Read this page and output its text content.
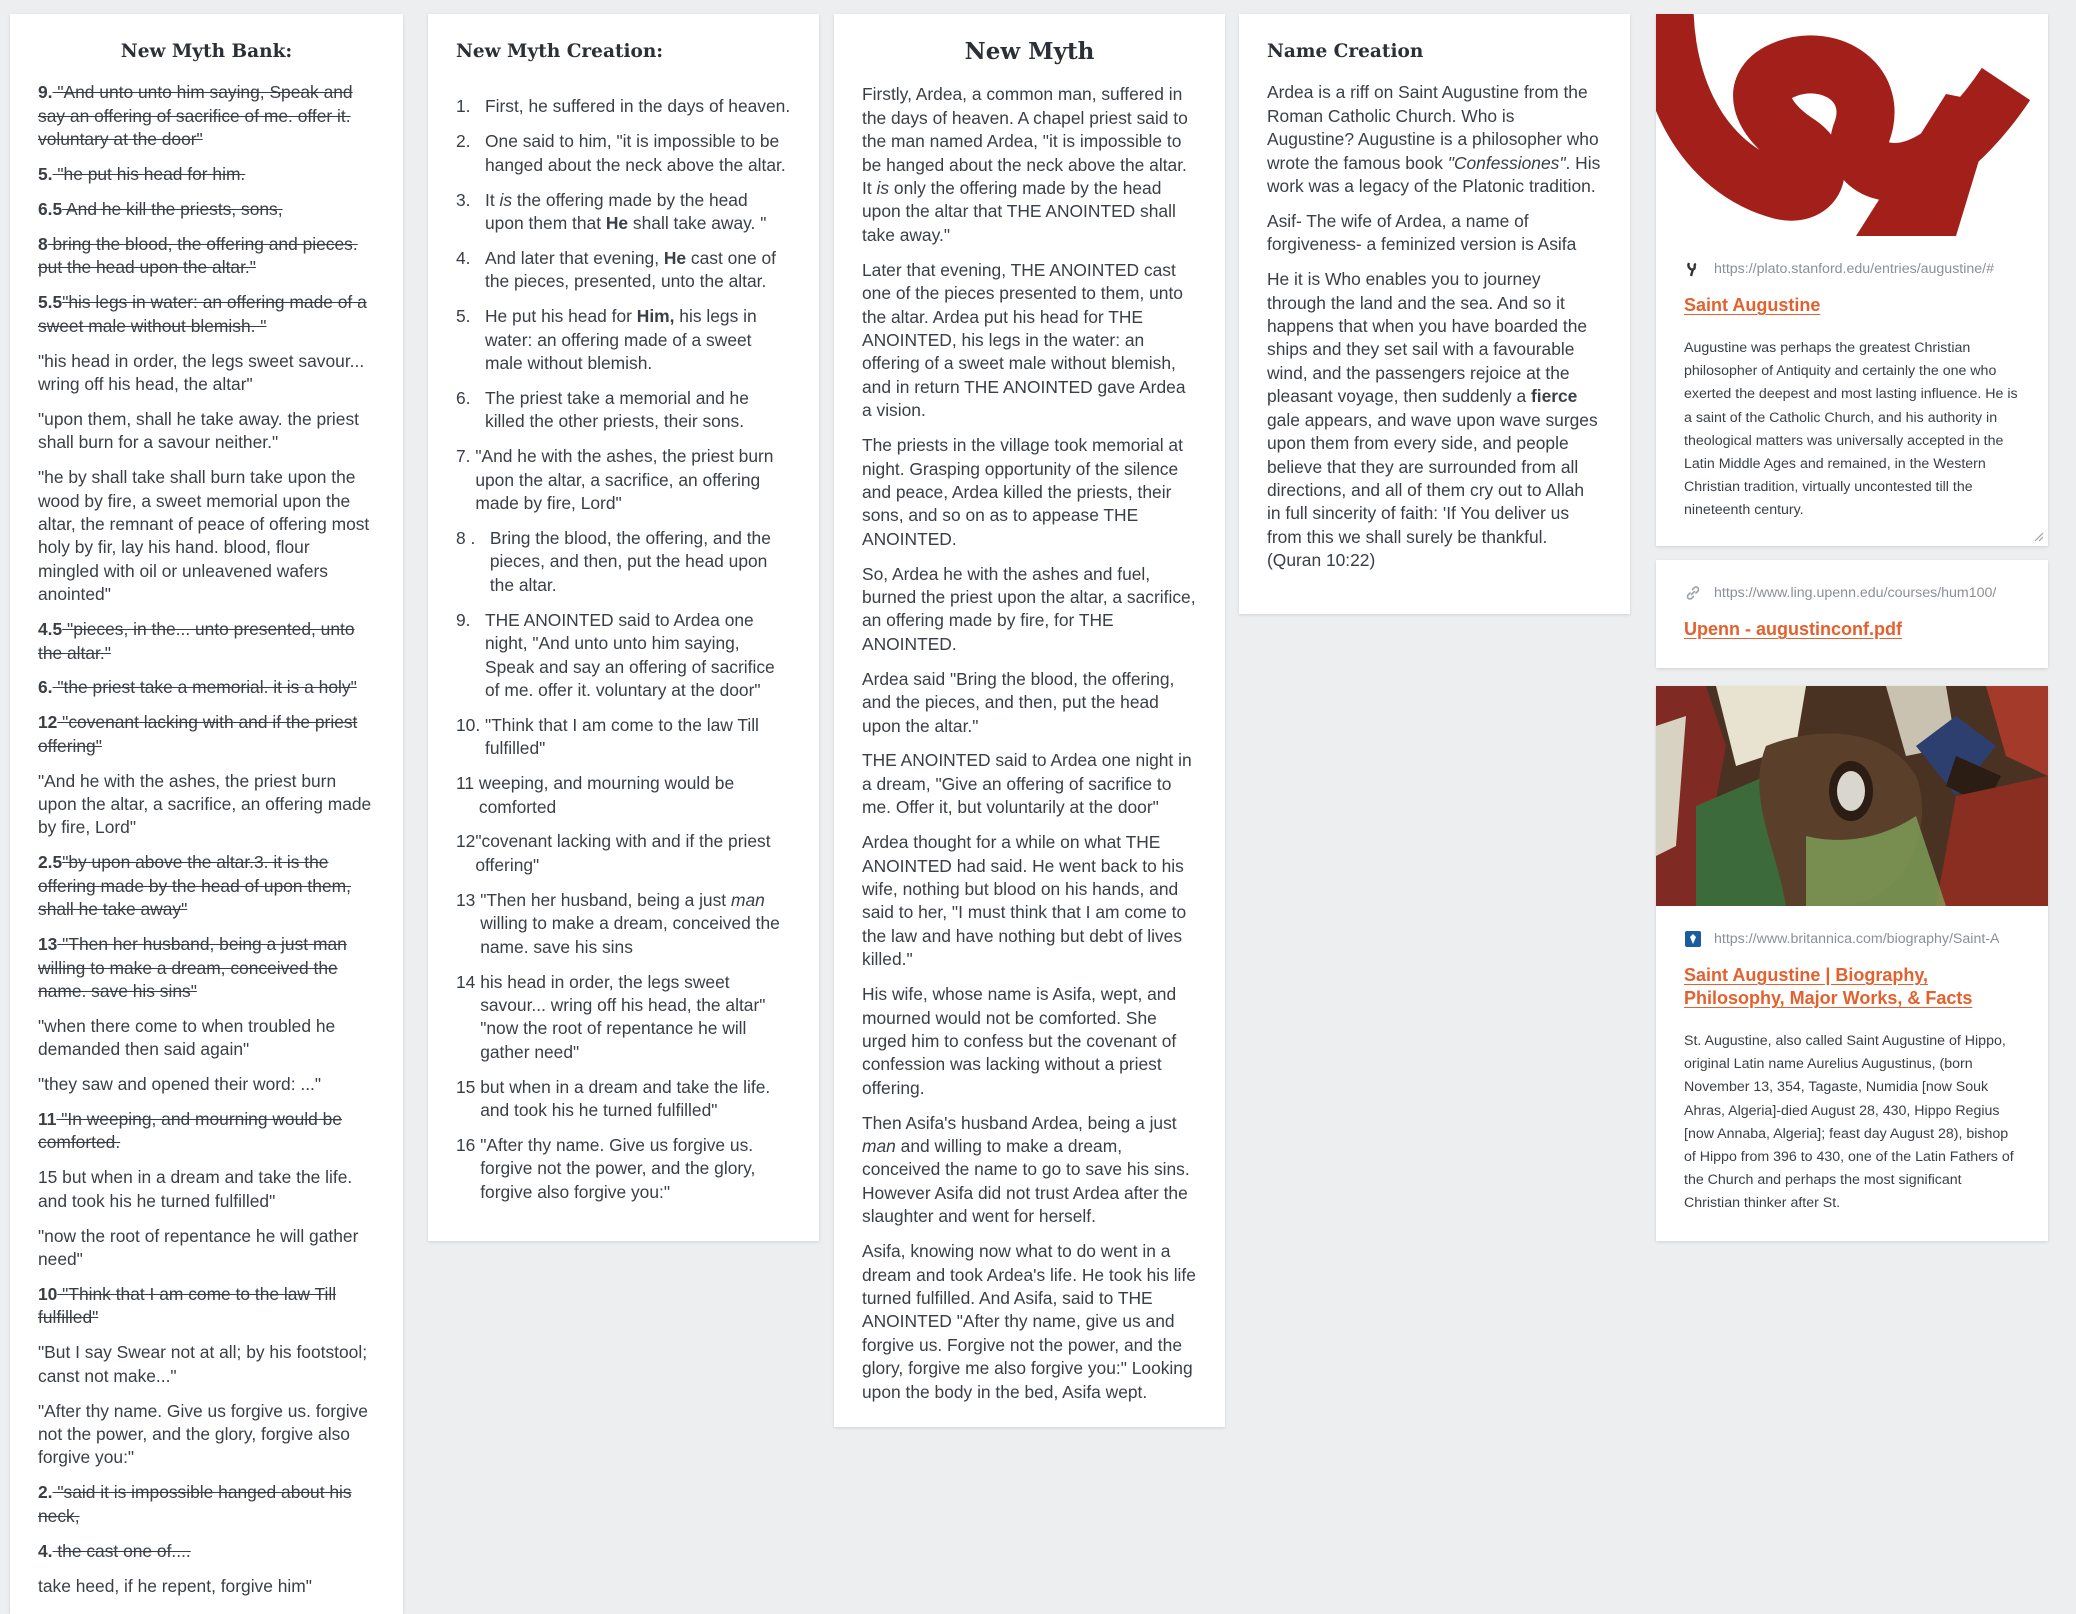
New Myth Bank:
9. "And unto unto him saying, Speak and say an offering of sacrifice of me. offer it. voluntary at the door"
5. "he put his head for him.
6.5 And he kill the priests, sons,
8 bring the blood, the offering and pieces. put the head upon the altar."
5.5"his legs in water: an offering made of a sweet male without blemish. "
"his head in order, the legs sweet savour... wring off his head, the altar"
"upon them, shall he take away. the priest shall burn for a savour neither."
"he by shall take shall burn take upon the wood by fire, a sweet memorial upon the altar, the remnant of peace of offering most holy by fir, lay his hand. blood, flour mingled with oil or unleavened wafers anointed"
4.5 "pieces, in the... unto presented, unto the altar."
6. "the priest take a memorial. it is a holy"
12 "covenant lacking with and if the priest offering"
"And he with the ashes, the priest burn upon the altar, a sacrifice, an offering made by fire, Lord"
2.5"by upon above the altar.3. it is the offering made by the head of upon them, shall he take away"
13 "Then her husband, being a just man willing to make a dream, conceived the name. save his sins"
"when there come to when troubled he demanded then said again"
"they saw and opened their word: ..."
11 "In weeping, and mourning would be comforted.
15 but when in a dream and take the life. and took his he turned fulfilled"
"now the root of repentance he will gather need"
10 "Think that I am come to the law Till fulfilled"
"But I say Swear not at all; by his footstool; canst not make..."
"After thy name. Give us forgive us. forgive not the power, and the glory, forgive also forgive you:"
2. "said it is impossible hanged about his neck,
4. the cast one of....
take heed, if he repent, forgive him"
New Myth Creation:
1. First, he suffered in the days of heaven.
2. One said to him, "it is impossible to be hanged about the neck above the altar.
3. It is the offering made by the head upon them that He shall take away. "
4. And later that evening, He cast one of the pieces, presented, unto the altar.
5. He put his head for Him, his legs in water: an offering made of a sweet male without blemish.
6. The priest take a memorial and he killed the other priests, their sons.
7. "And he with the ashes, the priest burn upon the altar, a sacrifice, an offering made by fire, Lord"
8 . Bring the blood, the offering, and the pieces, and then, put the head upon the altar.
9. THE ANOINTED said to Ardea one night, "And unto unto him saying, Speak and say an offering of sacrifice of me. offer it. voluntary at the door"
10. "Think that I am come to the law Till fulfilled"
11 weeping, and mourning would be comforted
12 "covenant lacking with and if the priest offering"
13 "Then her husband, being a just man willing to make a dream, conceived the name. save his sins
14 his head in order, the legs sweet savour... wring off his head, the altar" "now the root of repentance he will gather need"
15 but when in a dream and take the life. and took his he turned fulfilled"
16 "After thy name. Give us forgive us. forgive not the power, and the glory, forgive also forgive you:"
New Myth

Firstly, Ardea, a common man, suffered in the days of heaven. A chapel priest said to the man named Ardea, "it is impossible to be hanged about the neck above the altar. It is only the offering made by the head upon the altar that THE ANOINTED shall take away."

Later that evening, THE ANOINTED cast one of the pieces presented to them, unto the altar. Ardea put his head for THE ANOINTED, his legs in the water: an offering of a sweet male without blemish, and in return THE ANOINTED gave Ardea a vision.

The priests in the village took memorial at night. Grasping opportunity of the silence and peace, Ardea killed the priests, their sons, and so on as to appease THE ANOINTED.

So, Ardea he with the ashes and fuel, burned the priest upon the altar, a sacrifice, an offering made by fire, for THE ANOINTED.

Ardea said "Bring the blood, the offering, and the pieces, and then, put the head upon the altar."

THE ANOINTED said to Ardea one night in a dream, "Give an offering of sacrifice to me. Offer it, but voluntarily at the door"

Ardea thought for a while on what THE ANOINTED had said. He went back to his wife, nothing but blood on his hands, and said to her, "I must think that I am come to the law and have nothing but debt of lives killed."

His wife, whose name is Asifa, wept, and mourned would not be comforted. She urged him to confess but the covenant of confession was lacking without a priest offering.

Then Asifa's husband Ardea, being a just man and willing to make a dream, conceived the name to go to save his sins. However Asifa did not trust Ardea after the slaughter and went for herself.

Asifa, knowing now what to do went in a dream and took Ardea's life. He took his life turned fulfilled. And Asifa, said to THE ANOINTED "After thy name, give us and forgive us. Forgive not the power, and the glory, forgive me also forgive you:" Looking upon the body in the bed, Asifa wept.

Name Creation

Ardea is a riff on Saint Augustine from the Roman Catholic Church. Who is Augustine? Augustine is a philosopher who wrote the famous book "Confessiones". His work was a legacy of the Platonic tradition.

Asif- The wife of Ardea, a name of forgiveness- a feminized version is Asifa

He it is Who enables you to journey through the land and the sea. And so it happens that when you have boarded the ships and they set sail with a favourable wind, and the passengers rejoice at the pleasant voyage, then suddenly a fierce gale appears, and wave upon wave surges upon them from every side, and people believe that they are surrounded from all directions, and all of them cry out to Allah in full sincerity of faith: 'If You deliver us from this we shall surely be thankful. (Quran 10:22)

https://plato.stanford.edu/entries/augustine/#
Saint Augustine
Augustine was perhaps the greatest Christian philosopher of Antiquity and certainly the one who exerted the deepest and most lasting influence. He is a saint of the Catholic Church, and his authority in theological matters was universally accepted in the Latin Middle Ages and remained, in the Western Christian tradition, virtually uncontested till the nineteenth century.
https://www.ling.upenn.edu/courses/hum100/
Upenn - augustinconf.pdf
https://www.britannica.com/biography/Saint-A
Saint Augustine | Biography, Philosophy, Major Works, & Facts
St. Augustine, also called Saint Augustine of Hippo, original Latin name Aurelius Augustinus, (born November 13, 354, Tagaste, Numidia [now Souk Ahras, Algeria]-died August 28, 430, Hippo Regius [now Annaba, Algeria]; feast day August 28), bishop of Hippo from 396 to 430, one of the Latin Fathers of the Church and perhaps the most significant Christian thinker after St.
